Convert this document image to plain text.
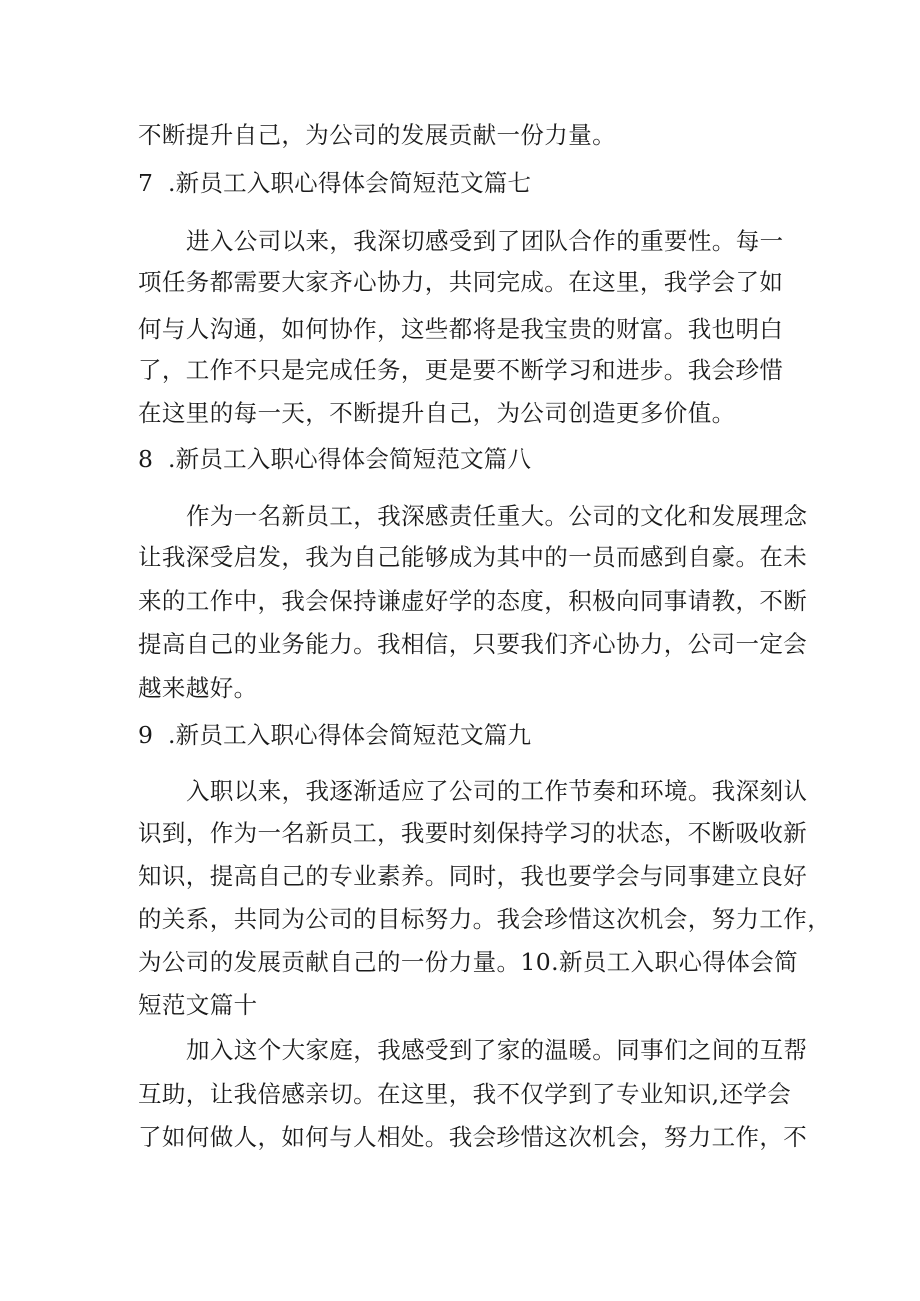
不断提升自己，为公司的发展贡献一份力量。
7 .新员工入职心得体会简短范文篇七
进入公司以来，我深切感受到了团队合作的重要性。每一
项任务都需要大家齐心协力，共同完成。在这里，我学会了如
何与人沟通，如何协作，这些都将是我宝贵的财富。我也明白
了，工作不只是完成任务，更是要不断学习和进步。我会珍惜
在这里的每一天，不断提升自己，为公司创造更多价值。
8 .新员工入职心得体会简短范文篇八
作为一名新员工，我深感责任重大。公司的文化和发展理念
让我深受启发，我为自己能够成为其中的一员而感到自豪。在未
来的工作中，我会保持谦虚好学的态度，积极向同事请教，不断
提高自己的业务能力。我相信，只要我们齐心协力，公司一定会
越来越好。
9 .新员工入职心得体会简短范文篇九
入职以来，我逐渐适应了公司的工作节奏和环境。我深刻认
识到，作为一名新员工，我要时刻保持学习的状态，不断吸收新
知识，提高自己的专业素养。同时，我也要学会与同事建立良好
的关系，共同为公司的目标努力。我会珍惜这次机会，努力工作，
为公司的发展贡献自己的一份力量。10.新员工入职心得体会简
短范文篇十
加入这个大家庭，我感受到了家的温暖。同事们之间的互帮
互助，让我倍感亲切。在这里，我不仅学到了专业知识,还学会
了如何做人，如何与人相处。我会珍惜这次机会，努力工作，不
